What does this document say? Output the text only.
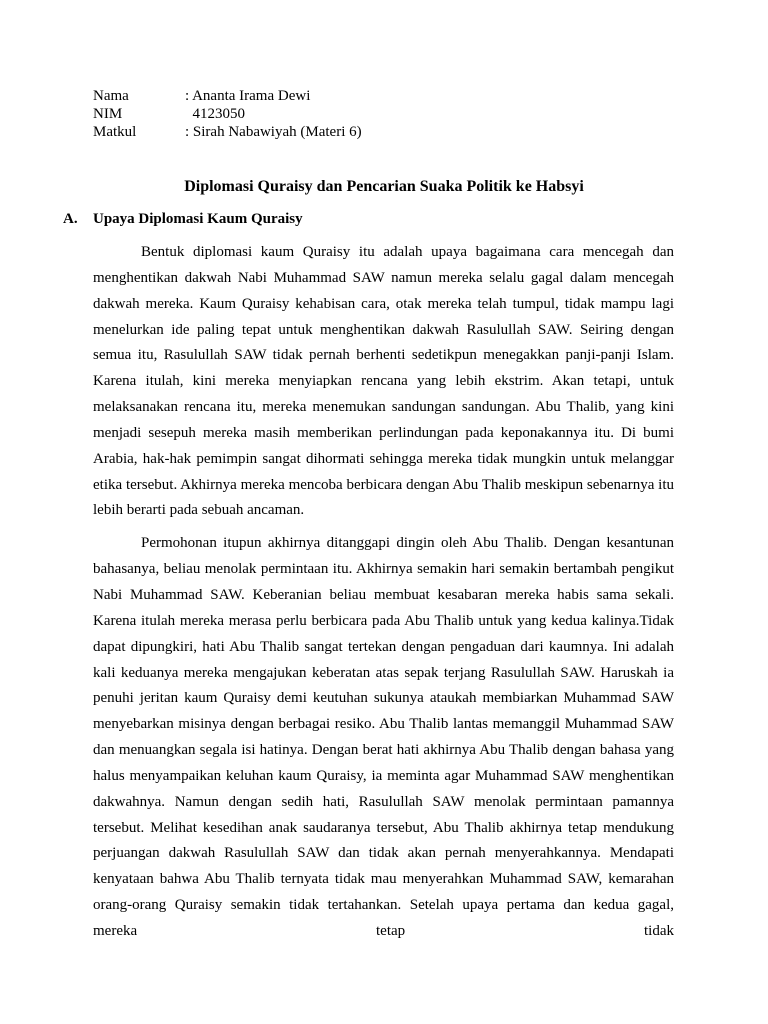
Nama	: Ananta Irama Dewi
NIM	4123050
Matkul	: Sirah Nabawiyah (Materi 6)
Diplomasi Quraisy dan Pencarian Suaka Politik ke Habsyi
A.	Upaya Diplomasi Kaum Quraisy

Bentuk diplomasi kaum Quraisy itu adalah upaya bagaimana cara mencegah dan menghentikan dakwah Nabi Muhammad SAW namun mereka selalu gagal dalam mencegah dakwah mereka. Kaum Quraisy kehabisan cara, otak mereka telah tumpul, tidak mampu lagi menelurkan ide paling tepat untuk menghentikan dakwah Rasulullah SAW. Seiring dengan semua itu, Rasulullah SAW tidak pernah berhenti sedetikpun menegakkan panji-panji Islam. Karena itulah, kini mereka menyiapkan rencana yang lebih ekstrim. Akan tetapi, untuk melaksanakan rencana itu, mereka menemukan sandungan sandungan. Abu Thalib, yang kini menjadi sesepuh mereka masih memberikan perlindungan pada keponakannya itu. Di bumi Arabia, hak-hak pemimpin sangat dihormati sehingga mereka tidak mungkin untuk melanggar etika tersebut. Akhirnya mereka mencoba berbicara dengan Abu Thalib meskipun sebenarnya itu lebih berarti pada sebuah ancaman.

Permohonan itupun akhirnya ditanggapi dingin oleh Abu Thalib. Dengan kesantunan bahasanya, beliau menolak permintaan itu. Akhirnya semakin hari semakin bertambah pengikut Nabi Muhammad SAW. Keberanian beliau membuat kesabaran mereka habis sama sekali. Karena itulah mereka merasa perlu berbicara pada Abu Thalib untuk yang kedua kalinya.Tidak dapat dipungkiri, hati Abu Thalib sangat tertekan dengan pengaduan dari kaumnya. Ini adalah kali keduanya mereka mengajukan keberatan atas sepak terjang Rasulullah SAW. Haruskah ia penuhi jeritan kaum Quraisy demi keutuhan sukunya ataukah membiarkan Muhammad SAW menyebarkan misinya dengan berbagai resiko. Abu Thalib lantas memanggil Muhammad SAW dan menuangkan segala isi hatinya. Dengan berat hati akhirnya Abu Thalib dengan bahasa yang halus menyampaikan keluhan kaum Quraisy, ia meminta agar Muhammad SAW menghentikan dakwahnya. Namun dengan sedih hati, Rasulullah SAW menolak permintaan pamannya tersebut. Melihat kesedihan anak saudaranya tersebut, Abu Thalib akhirnya tetap mendukung perjuangan dakwah Rasulullah SAW dan tidak akan pernah menyerahkannya. Mendapati kenyataan bahwa Abu Thalib ternyata tidak mau menyerahkan Muhammad SAW, kemarahan orang-orang Quraisy semakin tidak tertahankan. Setelah upaya pertama dan kedua gagal, mereka tetap tidak
